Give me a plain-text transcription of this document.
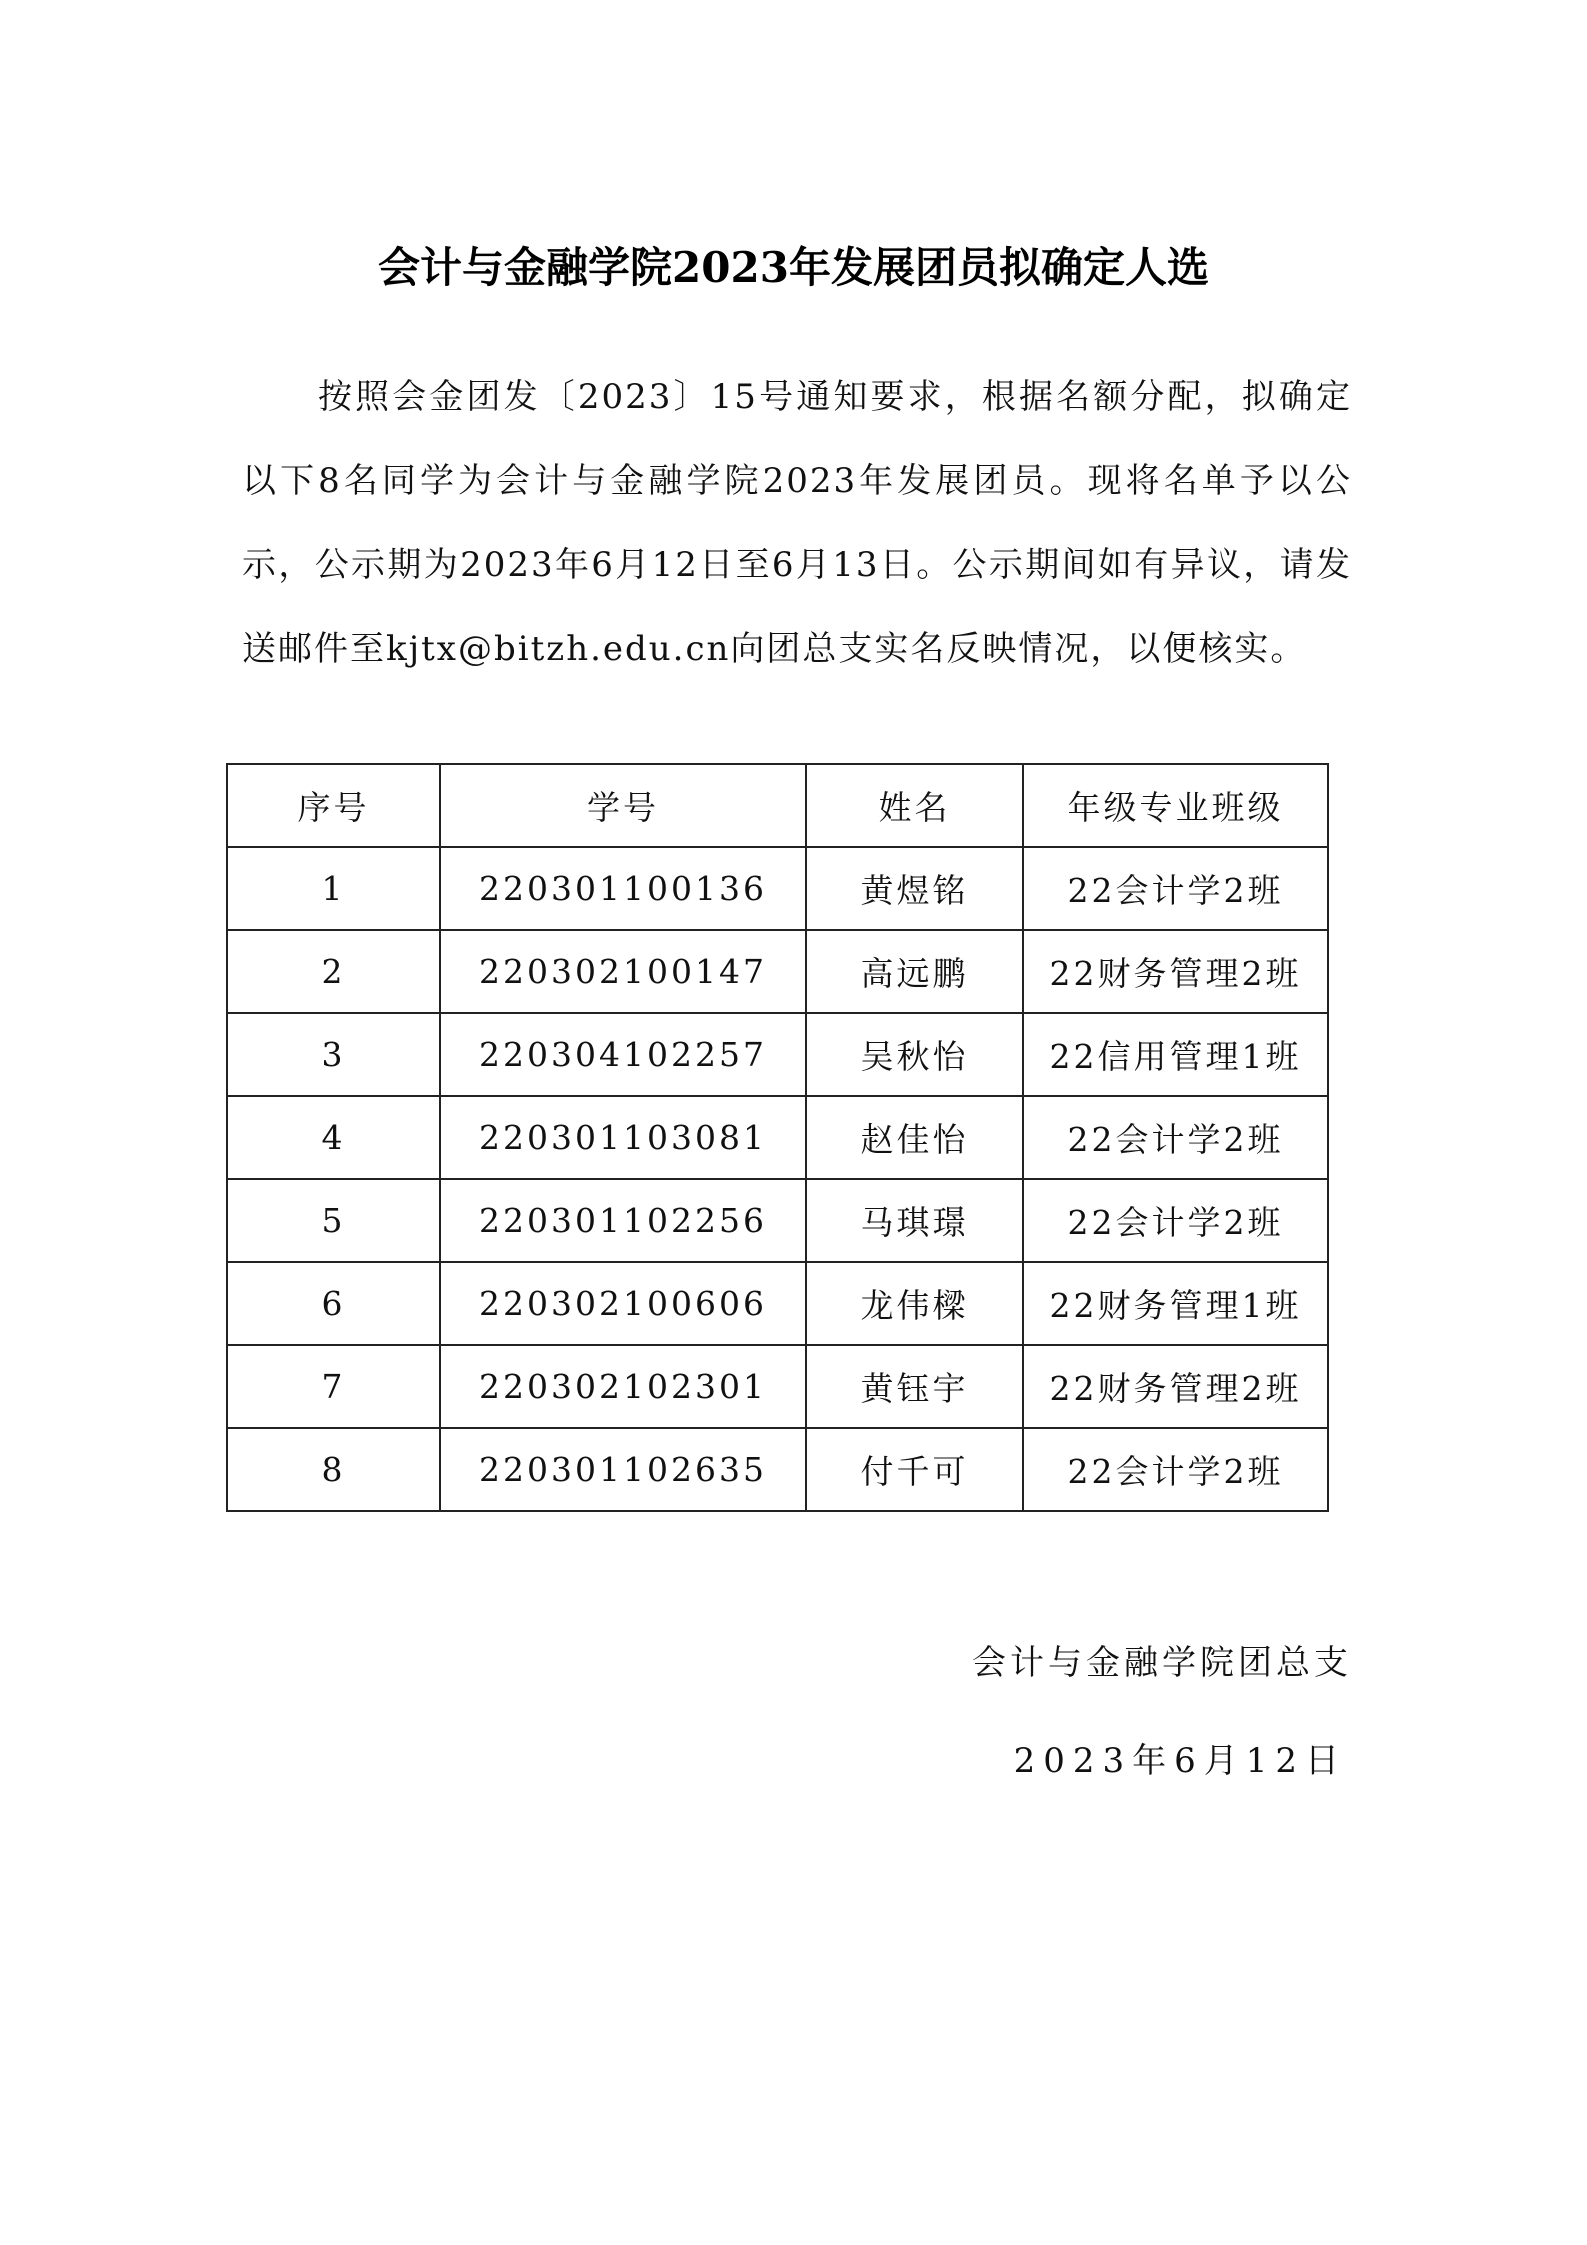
会计与金融学院2023年发展团员拟确定人选
按照会金团发〔2023〕15号通知要求，根据名额分配，拟确定以下8名同学为会计与金融学院2023年发展团员。现将名单予以公示，公示期为2023年6月12日至6月13日。公示期间如有异议，请发送邮件至kjtx@bitzh.edu.cn向团总支实名反映情况，以便核实。
序号	学号	姓名	年级专业班级
1	220301100136	黄煜铭	22会计学2班
2	220302100147	高远鹏	22财务管理2班
3	220304102257	吴秋怡	22信用管理1班
4	220301103081	赵佳怡	22会计学2班
5	220301102256	马琪璟	22会计学2班
6	220302100606	龙伟樑	22财务管理1班
7	220302102301	黄钰宇	22财务管理2班
8	220301102635	付千可	22会计学2班
会计与金融学院团总支
2023年6月12日
